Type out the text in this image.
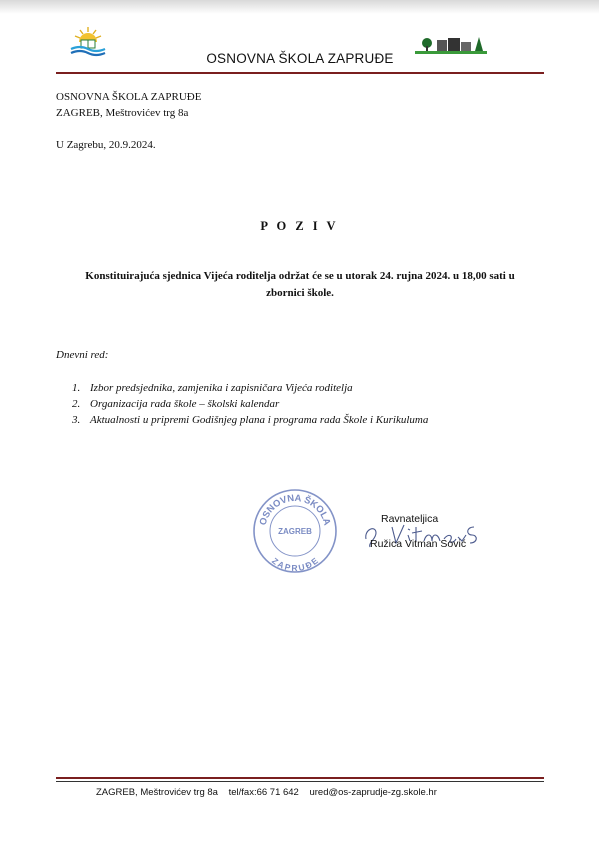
OSNOVNA ŠKOLA ZAPRUĐE
OSNOVNA ŠKOLA ZAPRUĐE
ZAGREB, Meštrovićev trg 8a
U Zagrebu, 20.9.2024.
P O Z I V
Konstituirajuća sjednica Vijeća roditelja održat će se u utorak 24. rujna 2024. u 18,00 sati u
zbornici škole.
Dnevni red:
1. Izbor predsjednika, zamjenika i zapisničara Vijeća roditelja
2. Organizacija rada škole – školski kalendar
3. Aktualnosti u pripremi Godišnjeg plana i programa rada Škole i Kurikuluma
OSNOVNA ŠKOLA
ZAPRUĐE
ZAGREB
Ravnateljica
Ružica Vitman Sović
ZAGREB, Meštrovićev trg 8a tel/fax:66 71 642 ured@os-zaprudje-zg.skole.hr
